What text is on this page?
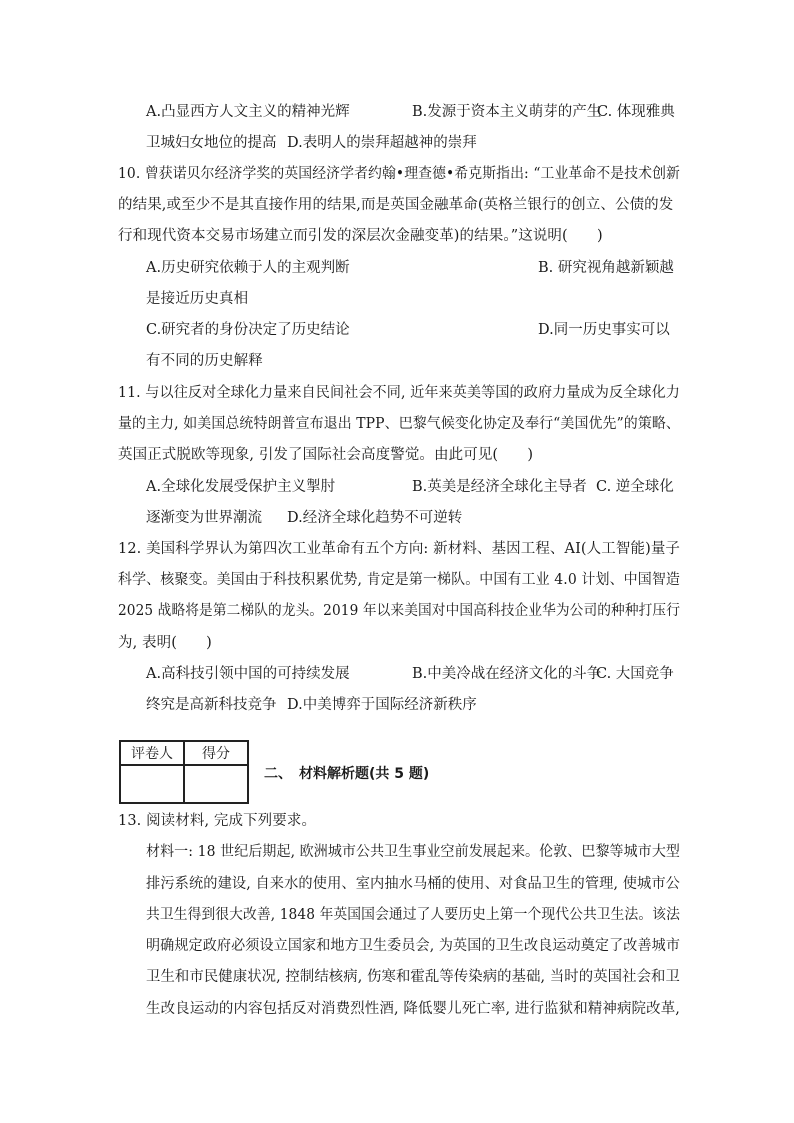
A.凸显西方人文主义的精神光辉	B.发源于资本主义萌芽的产生
C. 体现雅典
卫城妇女地位的提高 D.表明人的崇拜超越神的崇拜
10. 曾获诺贝尔经济学奖的英国经济学者约翰•理查德•希克斯指出: “工业革命不是技术创新
的结果,或至少不是其直接作用的结果,而是英国金融革命(英格兰银行的创立、公债的发
行和现代资本交易市场建立而引发的深层次金融变革)的结果。”这说明(　　)
A.历史研究依赖于人的主观判断	B. 研究视角越新颖越
是接近历史真相
C.研究者的身份决定了历史结论	D.同一历史事实可以
有不同的历史解释
11. 与以往反对全球化力量来自民间社会不同, 近年来英美等国的政府力量成为反全球化力
量的主力, 如美国总统特朗普宣布退出 TPP、巴黎气候变化协定及奉行“美国优先”的策略、
英国正式脱欧等现象, 引发了国际社会高度警觉。由此可见(　　)
A.全球化发展受保护主义掣肘	B.英美是经济全球化主导者 C. 逆全球化
逐渐变为世界潮流 D.经济全球化趋势不可逆转
12. 美国科学界认为第四次工业革命有五个方向: 新材料、基因工程、AI(人工智能)量子
科学、核聚变。美国由于科技积累优势, 肯定是第一梯队。中国有工业 4.0 计划、中国智造
2025 战略将是第二梯队的龙头。2019 年以来美国对中国高科技企业华为公司的种种打压行
为, 表明(　　)
A.高科技引领中国的可持续发展	B.中美冷战在经济文化的斗争
C. 大国竞争
终究是高新科技竞争 D.中美博弈于国际经济新秩序
评卷人	得分

二、　材料解析题(共 5 题)
13. 阅读材料, 完成下列要求。
材料一: 18 世纪后期起, 欧洲城市公共卫生事业空前发展起来。伦敦、巴黎等城市大型
排污系统的建设, 自来水的使用、室内抽水马桶的使用、对食品卫生的管理, 使城市公
共卫生得到很大改善, 1848 年英国国会通过了人要历史上第一个现代公共卫生法。该法
明确规定政府必须设立国家和地方卫生委员会, 为英国的卫生改良运动奠定了改善城市
卫生和市民健康状况, 控制结核病, 伤寒和霍乱等传染病的基础, 当时的英国社会和卫
生改良运动的内容包括反对消费烈性酒, 降低婴儿死亡率, 进行监狱和精神病院改革,
